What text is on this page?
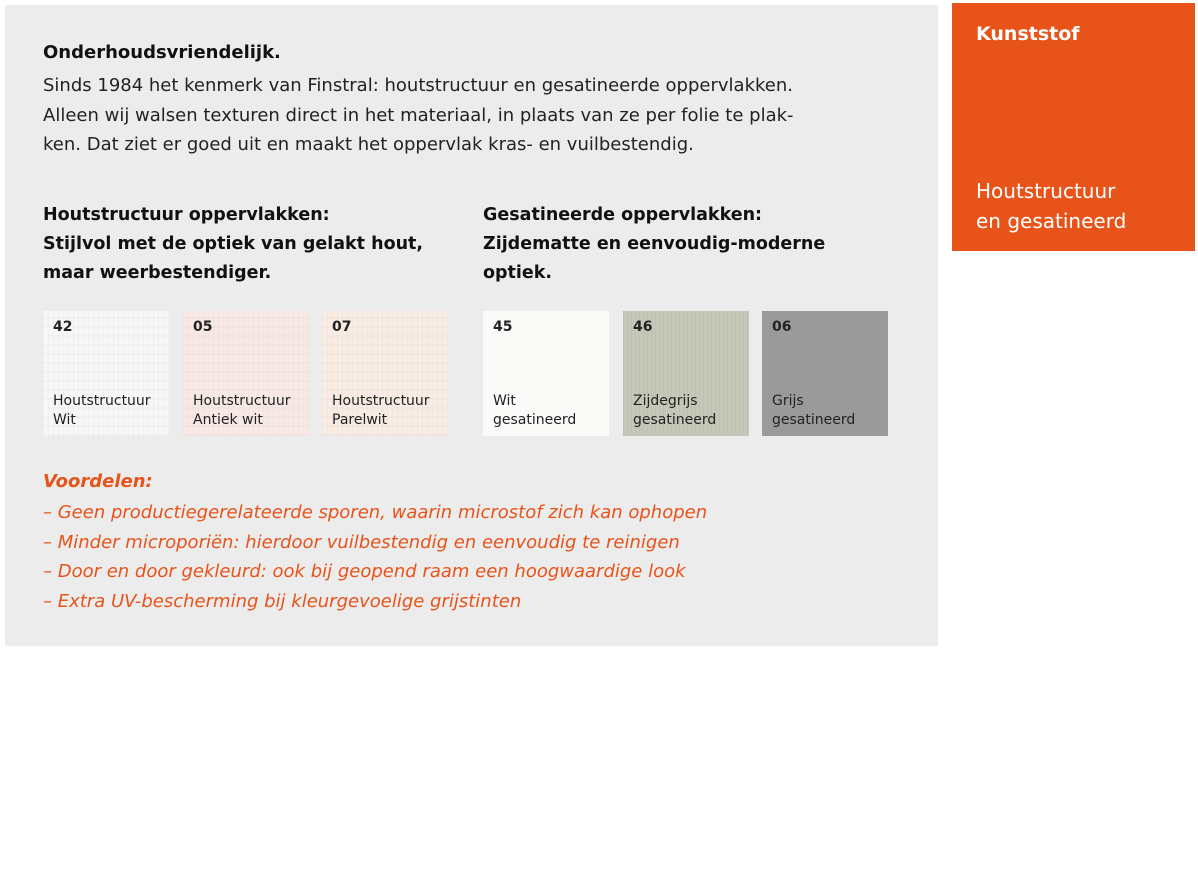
Onderhoudsvriendelijk.

Sinds 1984 het kenmerk van Finstral: houtstructuur en gesatineerde oppervlakken.
Alleen wij walsen texturen direct in het materiaal, in plaats van ze per folie te plak-
ken. Dat ziet er goed uit en maakt het oppervlak kras- en vuilbestendig.

Houtstructuur oppervlakken:
Stijlvol met de optiek van gelakt hout,
maar weerbestendiger.
Gesatineerde oppervlakken:
Zijdematte en eenvoudig-moderne
optiek.
42
Houtstructuur
Wit
05
Houtstructuur
Antiek wit
07
Houtstructuur
Parelwit
45
Wit
gesatineerd
46
Zijdegrijs
gesatineerd
06
Grijs
gesatineerd

Voordelen:

– Geen productiegerelateerde sporen, waarin microstof zich kan ophopen
– Minder microporiën: hierdoor vuilbestendig en eenvoudig te reinigen
– Door en door gekleurd: ook bij geopend raam een hoogwaardige look
– Extra UV-bescherming bij kleurgevoelige grijstinten
Kunststof
Houtstructuur
en gesatineerd
